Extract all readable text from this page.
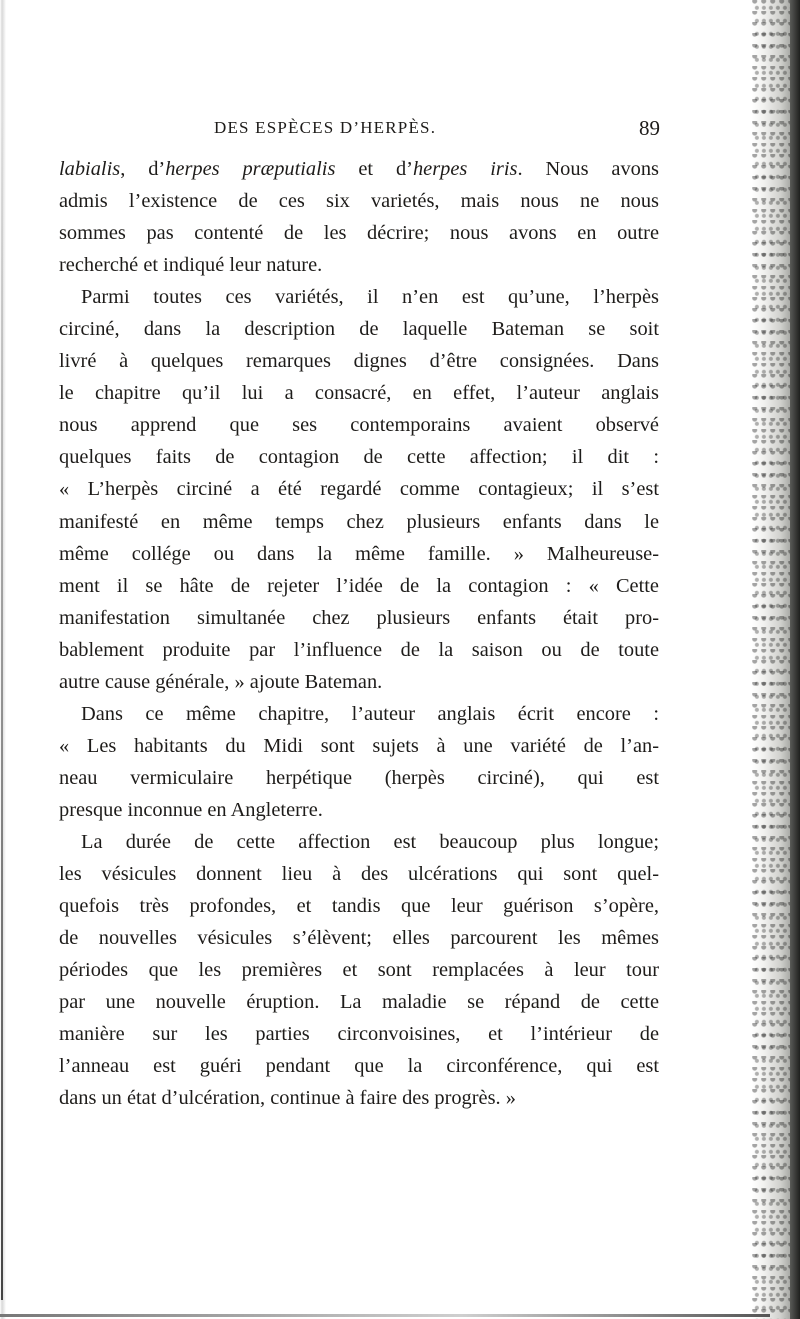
DES ESPÈCES D’HERPÈS.	89
labialis, d’herpes præputialis et d’herpes iris. Nous avons
admis l’existence de ces six varietés, mais nous ne nous
sommes pas contenté de les décrire; nous avons en outre
recherché et indiqué leur nature.
Parmi toutes ces variétés, il n’en est qu’une, l’herpès
circiné, dans la description de laquelle Bateman se soit
livré à quelques remarques dignes d’être consignées. Dans
le chapitre qu’il lui a consacré, en effet, l’auteur anglais
nous apprend que ses contemporains avaient observé
quelques faits de contagion de cette affection; il dit :
« L’herpès circiné a été regardé comme contagieux; il s’est
manifesté en même temps chez plusieurs enfants dans le
même collége ou dans la même famille. » Malheureuse-
ment il se hâte de rejeter l’idée de la contagion : « Cette
manifestation simultanée chez plusieurs enfants était pro-
bablement produite par l’influence de la saison ou de toute
autre cause générale, » ajoute Bateman.
Dans ce même chapitre, l’auteur anglais écrit encore :
« Les habitants du Midi sont sujets à une variété de l’an-
neau vermiculaire herpétique (herpès circiné), qui est
presque inconnue en Angleterre.
La durée de cette affection est beaucoup plus longue;
les vésicules donnent lieu à des ulcérations qui sont quel-
quefois très profondes, et tandis que leur guérison s’opère,
de nouvelles vésicules s’élèvent; elles parcourent les mêmes
périodes que les premières et sont remplacées à leur tour
par une nouvelle éruption. La maladie se répand de cette
manière sur les parties circonvoisines, et l’intérieur de
l’anneau est guéri pendant que la circonférence, qui est
dans un état d’ulcération, continue à faire des progrès. »
